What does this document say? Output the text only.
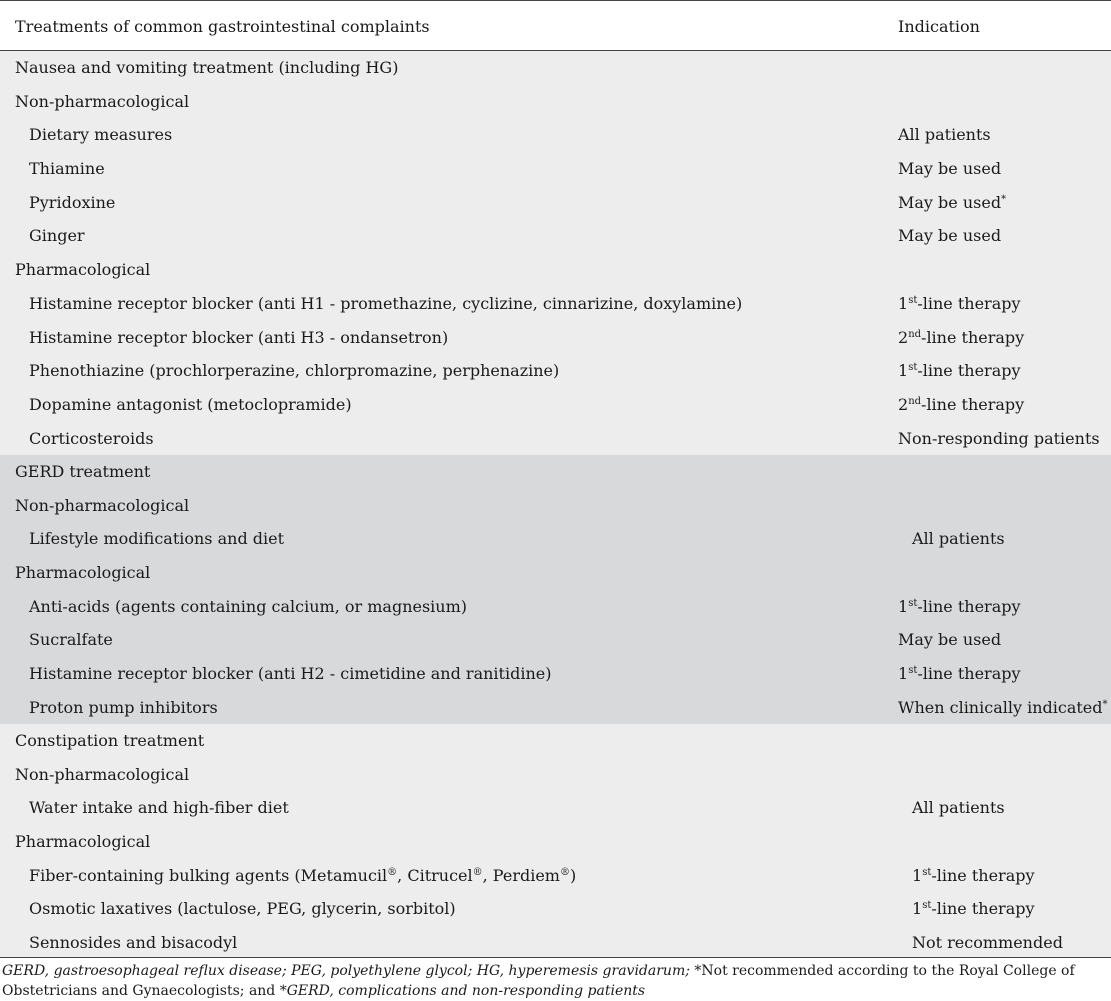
Treatments of common gastrointestinal complaints	Indication
Nausea and vomiting treatment (including HG)
Non-pharmacological
Dietary measures	All patients
Thiamine	May be used
Pyridoxine	May be used*
Ginger	May be used
Pharmacological
Histamine receptor blocker (anti H1 - promethazine, cyclizine, cinnarizine, doxylamine)	1st-line therapy
Histamine receptor blocker (anti H3 - ondansetron)	2nd-line therapy
Phenothiazine (prochlorperazine, chlorpromazine, perphenazine)	1st-line therapy
Dopamine antagonist (metoclopramide)	2nd-line therapy
Corticosteroids	Non-responding patients
GERD treatment
Non-pharmacological
Lifestyle modifications and diet	All patients
Pharmacological
Anti-acids (agents containing calcium, or magnesium)	1st-line therapy
Sucralfate	May be used
Histamine receptor blocker (anti H2 - cimetidine and ranitidine)	1st-line therapy
Proton pump inhibitors	When clinically indicated*
Constipation treatment
Non-pharmacological
Water intake and high-fiber diet	All patients
Pharmacological
Fiber-containing bulking agents (Metamucil®, Citrucel®, Perdiem®)	1st-line therapy
Osmotic laxatives (lactulose, PEG, glycerin, sorbitol)	1st-line therapy
Sennosides and bisacodyl	Not recommended
GERD, gastroesophageal reflux disease; PEG, polyethylene glycol; HG, hyperemesis gravidarum; *Not recommended according to the Royal College of Obstetricians and Gynaecologists; and *GERD, complications and non-responding patients
